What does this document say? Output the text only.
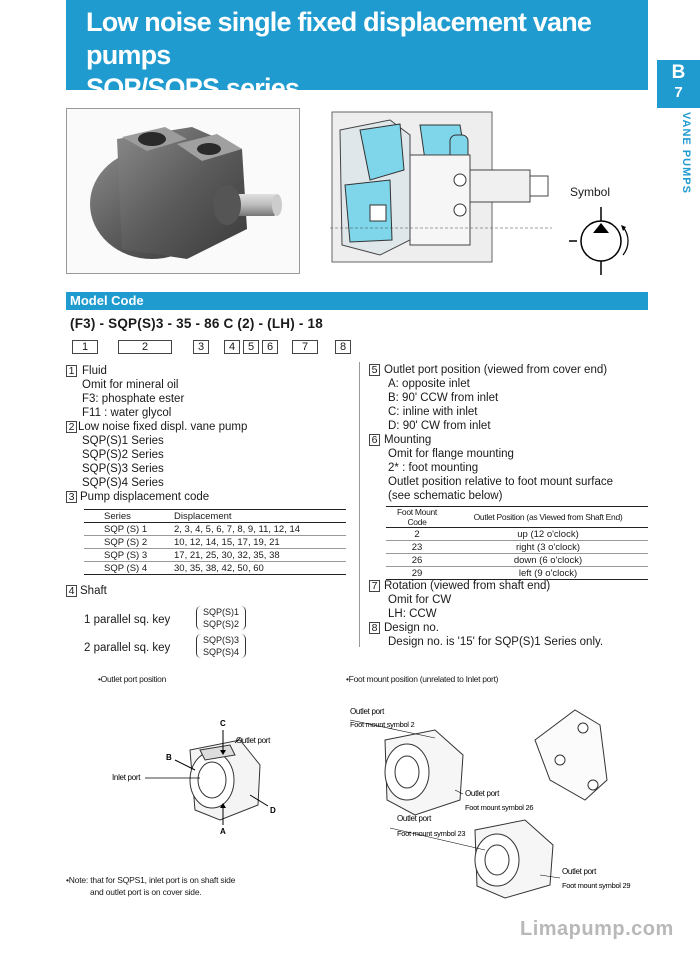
Low noise single fixed displacement vane pumps
SQP/SQPS series
B
7
VANE PUMPS
Symbol
Model Code
(F3) - SQP(S)3 - 35 - 86 C (2) - (LH) - 18
1	2	3	4	5	6	7	8
1 Fluid
Omit for mineral oil
F3: phosphate ester
F11 : water glycol
2 Low noise fixed displ. vane pump
SQP(S)1 Series
SQP(S)2 Series
SQP(S)3 Series
SQP(S)4 Series
3 Pump displacement code
Series	Displacement
SQP (S) 1	2, 3, 4, 5, 6, 7, 8, 9, 11, 12, 14
SQP (S) 2	10, 12, 14, 15, 17, 19, 21
SQP (S) 3	17, 21, 25, 30, 32, 35, 38
SQP (S) 4	30, 35, 38, 42, 50, 60
4 Shaft
1 parallel sq. key
SQP(S)1
SQP(S)2
2 parallel sq. key
SQP(S)3
SQP(S)4
5 Outlet port position (viewed from cover end)
A: opposite inlet
B: 90' CCW from inlet
C: inline with inlet
D: 90' CW from inlet
6 Mounting
Omit for flange mounting
2* : foot mounting
Outlet position relative to foot mount surface
(see schematic below)
Foot Mount Code	Outlet Position (as Viewed from Shaft End)
2	up (12 o'clock)
23	right (3 o'clock)
26	down (6 o'clock)
29	left (9 o'clock)
7 Rotation (viewed from shaft end)
Omit for CW
LH: CCW
8 Design no.
Design no. is '15' for SQP(S)1 Series only.
•Outlet port position	•Foot mount position (unrelated to Inlet port)
C
B
D
A
Outlet port
Inlet port
Outlet port
Foot mount symbol 2
Outlet port
Foot mount symbol 26
Outlet port
Foot mount symbol 23
Outlet port
Foot mount symbol 29
•Note: that for SQPS1, inlet port is on shaft side
and outlet port is on cover side.
Limapump.com
